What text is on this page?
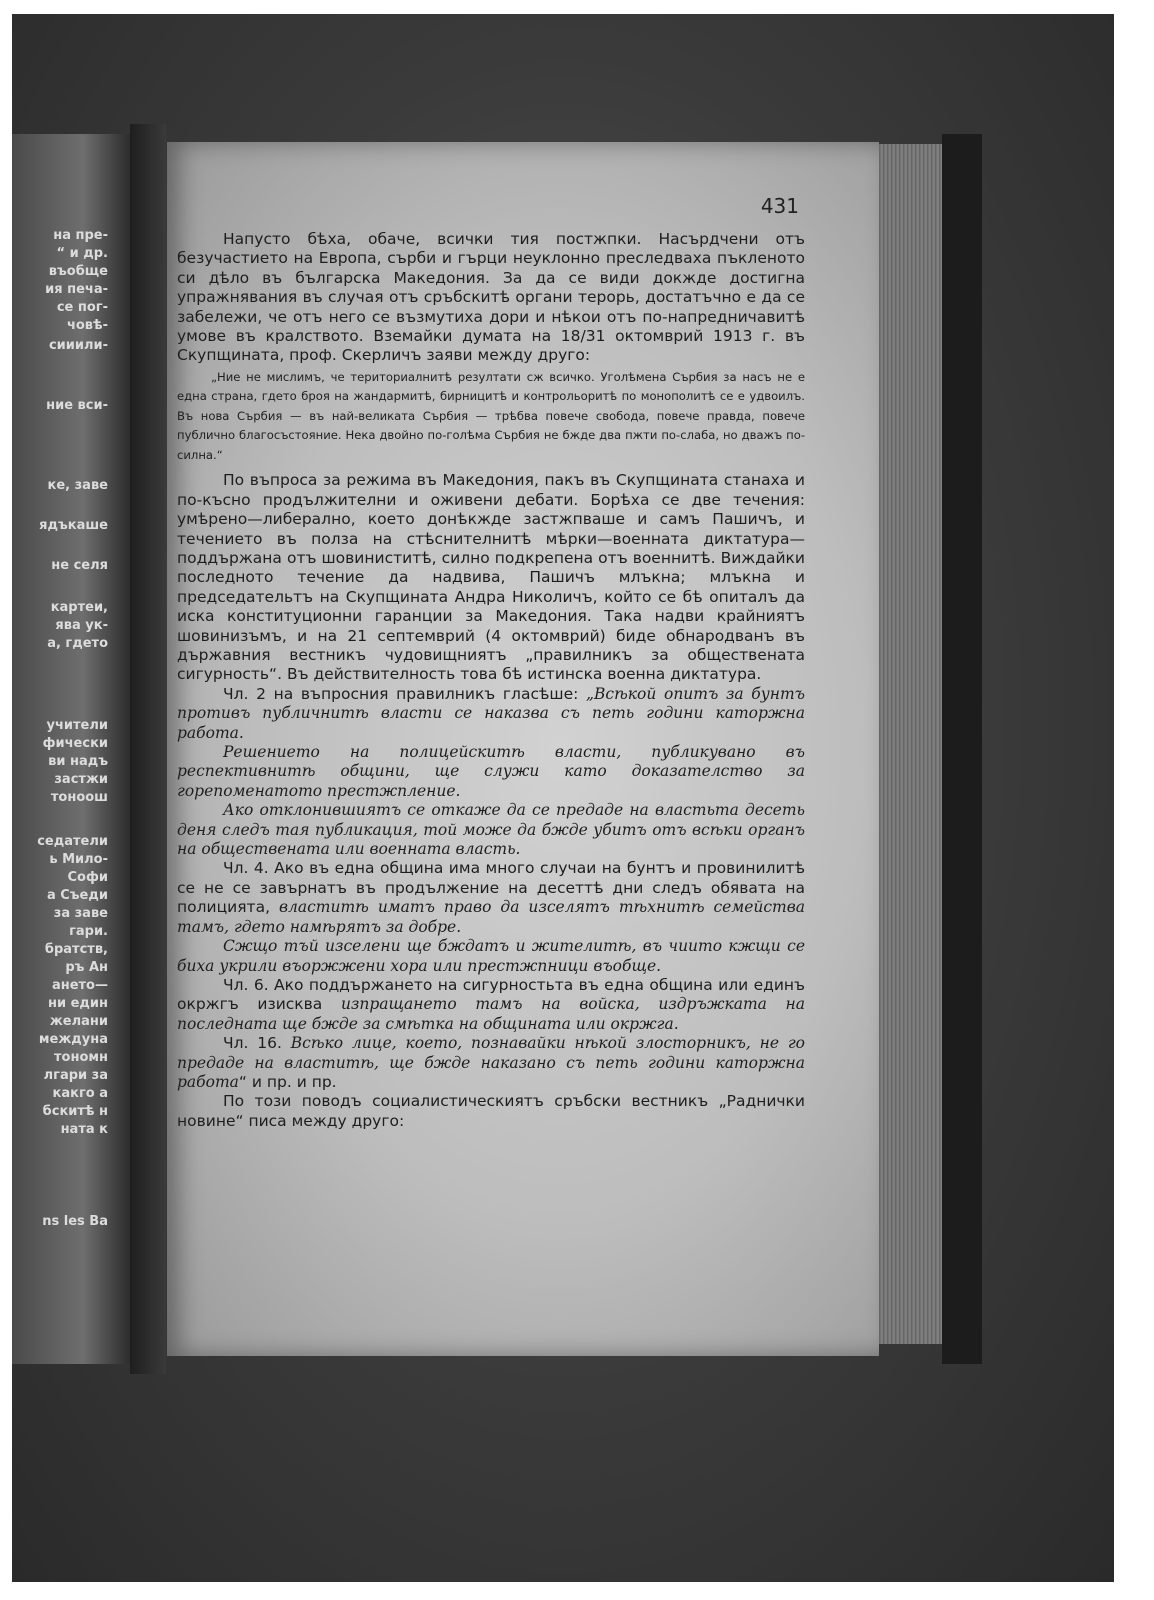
на пре-
“ и др.
въобще
ия печа-
се пог-
човѣ-
сииили-
ние вси-
ке, заве
ядъкаше
не селя
картеи,
ява ук-
а, гдето
учители
фически
ви надъ
застжи
тоноош
седатели
ь Мило-
Софи
а Съеди
за заве
гари.
братств,
ръ Ан
ането—
ни един
желани
междуна
тономн
лгари за
какго а
бскитѣ н
ната к
ns les Ba
431

Напусто бѣха, обаче, всички тия постжпки. Насърдчени отъ безучастието на Европа, сърби и гърци неуклонно преследваха пъкленото си дѣло въ българска Македония. За да се види докжде достигна упражнявания въ случая отъ сръбскитѣ органи терорь, достатъчно е да се забележи, че отъ него се възмутиха дори и нѣкои отъ по-напредничавитѣ умове въ кралството. Вземайки думата на 18/31 октомврий 1913 г. въ Скупщината, проф. Скерличъ заяви между друго:

„Ние не мислимъ, че териториалнитѣ резултати сж всичко. Уголѣмена Сърбия за насъ не е една страна, гдето броя на жандармитѣ, бирницитѣ и контрольоритѣ по монополитѣ се е удвоилъ. Въ нова Сърбия — въ най-великата Сърбия — трѣбва повече свобода, повече правда, повече публично благосъстояние. Нека двойно по-голѣма Сърбия не бжде два пжти по-слаба, но дважъ по-силна.“

По въпроса за режима въ Македония, пакъ въ Скупщината станаха и по-късно продължителни и оживени дебати. Борѣха се две течения: умѣрено—либерално, което донѣкжде застжпваше и самъ Пашичъ, и течението въ полза на стѣснителнитѣ мѣрки—военната диктатура—поддържана отъ шовиниститѣ, силно подкрепена отъ военнитѣ. Виждайки последното течение да надвива, Пашичъ млъкна; млъкна и председательтъ на Скупщината Андра Николичъ, който се бѣ опиталъ да иска конституционни гаранции за Македония. Така надви крайниятъ шовинизъмъ, и на 21 септемврий (4 октомврий) биде обнародванъ въ държавния вестникъ чудовищниятъ „правилникъ за обществената сигурность“. Въ действителность това бѣ истинска военна диктатура.

Чл. 2 на въпросния правилникъ гласѣше: „Всѣкой опитъ за бунтъ противъ публичнитѣ власти се наказва съ петь години каторжна работа.

Решението на полицейскитѣ власти, публикувано въ респективнитѣ общини, ще служи като доказателство за горепоменатото престжпление.

Ако отклонившиятъ се откаже да се предаде на властьта десеть деня следъ тая публикация, той може да бжде убитъ отъ всѣки органъ на обществената или военната власть.

Чл. 4. Ако въ една община има много случаи на бунтъ и провинилитѣ се не се завърнатъ въ продължение на десеттѣ дни следъ обявата на полицията, властитѣ иматъ право да изселятъ тѣхнитѣ семейства тамъ, гдето намѣрятъ за добре.

Сжщо тъй изселени ще бждатъ и жителитѣ, въ чиито кжщи се биха укрили въоржжени хора или престжпници въобще.

Чл. 6. Ако поддържането на сигурностьта въ една община или единъ окржгъ изисква изпращането тамъ на войска, издръжката на последната ще бжде за смѣтка на общината или окржга.

Чл. 16. Всѣко лице, което, познавайки нѣкой злосторникъ, не го предаде на властитѣ, ще бжде наказано съ петь години каторжна работа“ и пр. и пр.

По този поводъ социалистическиятъ сръбски вестникъ „Раднички новине“ писа между друго:
